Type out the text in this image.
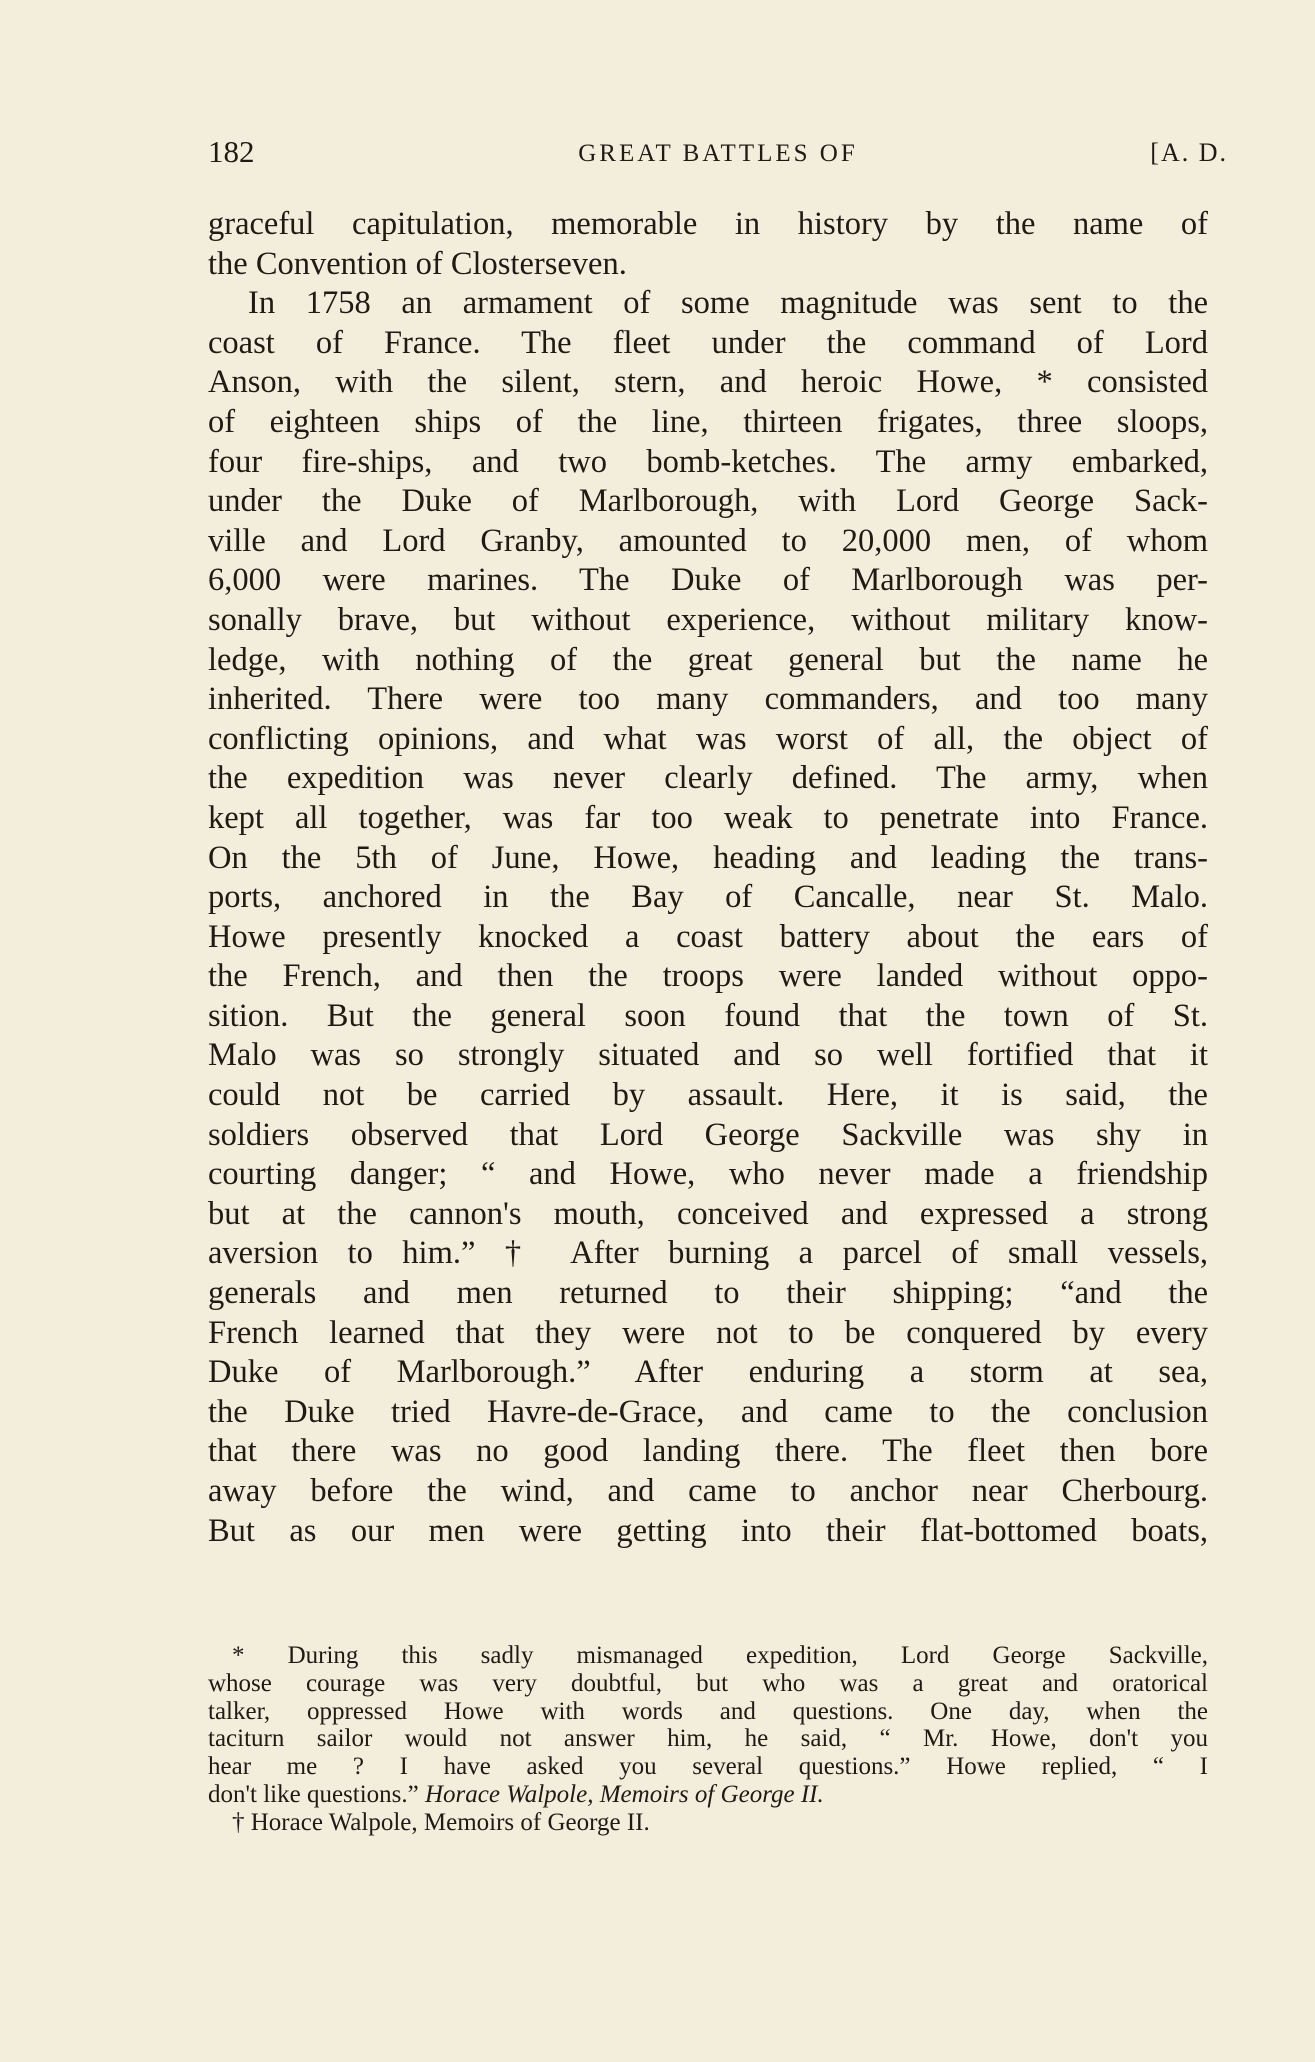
182	GREAT BATTLES OF	[A. D.
graceful capitulation, memorable in history by the name of
the Convention of Closterseven.
In 1758 an armament of some magnitude was sent to the
coast of France. The fleet under the command of Lord
Anson, with the silent, stern, and heroic Howe, * consisted
of eighteen ships of the line, thirteen frigates, three sloops,
four fire-ships, and two bomb-ketches. The army embarked,
under the Duke of Marlborough, with Lord George Sack-
ville and Lord Granby, amounted to 20,000 men, of whom
6,000 were marines. The Duke of Marlborough was per-
sonally brave, but without experience, without military know-
ledge, with nothing of the great general but the name he
inherited. There were too many commanders, and too many
conflicting opinions, and what was worst of all, the object of
the expedition was never clearly defined. The army, when
kept all together, was far too weak to penetrate into France.
On the 5th of June, Howe, heading and leading the trans-
ports, anchored in the Bay of Cancalle, near St. Malo.
Howe presently knocked a coast battery about the ears of
the French, and then the troops were landed without oppo-
sition. But the general soon found that the town of St.
Malo was so strongly situated and so well fortified that it
could not be carried by assault. Here, it is said, the
soldiers observed that Lord George Sackville was shy in
courting danger; “ and Howe, who never made a friendship
but at the cannon's mouth, conceived and expressed a strong
aversion to him.” † After burning a parcel of small vessels,
generals and men returned to their shipping; “and the
French learned that they were not to be conquered by every
Duke of Marlborough.” After enduring a storm at sea,
the Duke tried Havre-de-Grace, and came to the conclusion
that there was no good landing there. The fleet then bore
away before the wind, and came to anchor near Cherbourg.
But as our men were getting into their flat-bottomed boats,
* During this sadly mismanaged expedition, Lord George Sackville,
whose courage was very doubtful, but who was a great and oratorical
talker, oppressed Howe with words and questions. One day, when the
taciturn sailor would not answer him, he said, “ Mr. Howe, don't you
hear me ? I have asked you several questions.” Howe replied, “ I
don't like questions.” Horace Walpole, Memoirs of George II.
† Horace Walpole, Memoirs of George II.
